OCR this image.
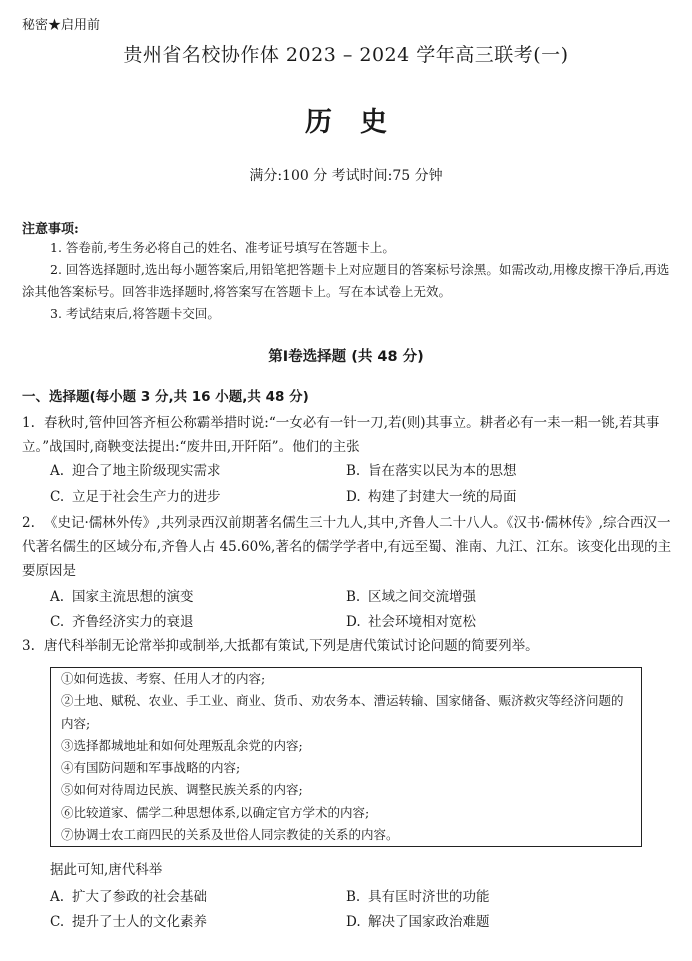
秘密★启用前
贵州省名校协作体 2023 – 2024 学年高三联考(一)
历史
满分:100 分 考试时间:75 分钟
注意事项:
1. 答卷前,考生务必将自己的姓名、准考证号填写在答题卡上。
2. 回答选择题时,选出每小题答案后,用铅笔把答题卡上对应题目的答案标号涂黑。如需改动,用橡皮擦干净后,再选涂其他答案标号。回答非选择题时,将答案写在答题卡上。写在本试卷上无效。
3. 考试结束后,将答题卡交回。
第Ⅰ卷选择题 (共 48 分)
一、选择题(每小题 3 分,共 16 小题,共 48 分)
1. 春秋时,管仲回答齐桓公称霸举措时说:“一女必有一针一刀,若(则)其事立。耕者必有一耒一耜一铫,若其事立。”战国时,商鞅变法提出:“废井田,开阡陌”。他们的主张
A. 迎合了地主阶级现实需求	B. 旨在落实以民为本的思想
C. 立足于社会生产力的进步	D. 构建了封建大一统的局面
2. 《史记·儒林外传》,共列录西汉前期著名儒生三十九人,其中,齐鲁人二十八人。《汉书·儒林传》,综合西汉一代著名儒生的区域分布,齐鲁人占 45.60%,著名的儒学学者中,有远至蜀、淮南、九江、江东。该变化出现的主要原因是
A. 国家主流思想的演变	B. 区域之间交流增强
C. 齐鲁经济实力的衰退	D. 社会环境相对宽松
3. 唐代科举制无论常举抑或制举,大抵都有策试,下列是唐代策试讨论问题的简要列举。
①如何选拔、考察、任用人才的内容;
②土地、赋税、农业、手工业、商业、货币、劝农务本、漕运转输、国家储备、赈济救灾等经济问题的内容;
③选择都城地址和如何处理叛乱余党的内容;
④有国防问题和军事战略的内容;
⑤如何对待周边民族、调整民族关系的内容;
⑥比较道家、儒学二种思想体系,以确定官方学术的内容;
⑦协调士农工商四民的关系及世俗人同宗教徒的关系的内容。
据此可知,唐代科举
A. 扩大了参政的社会基础	B. 具有匡时济世的功能
C. 提升了士人的文化素养	D. 解决了国家政治难题
